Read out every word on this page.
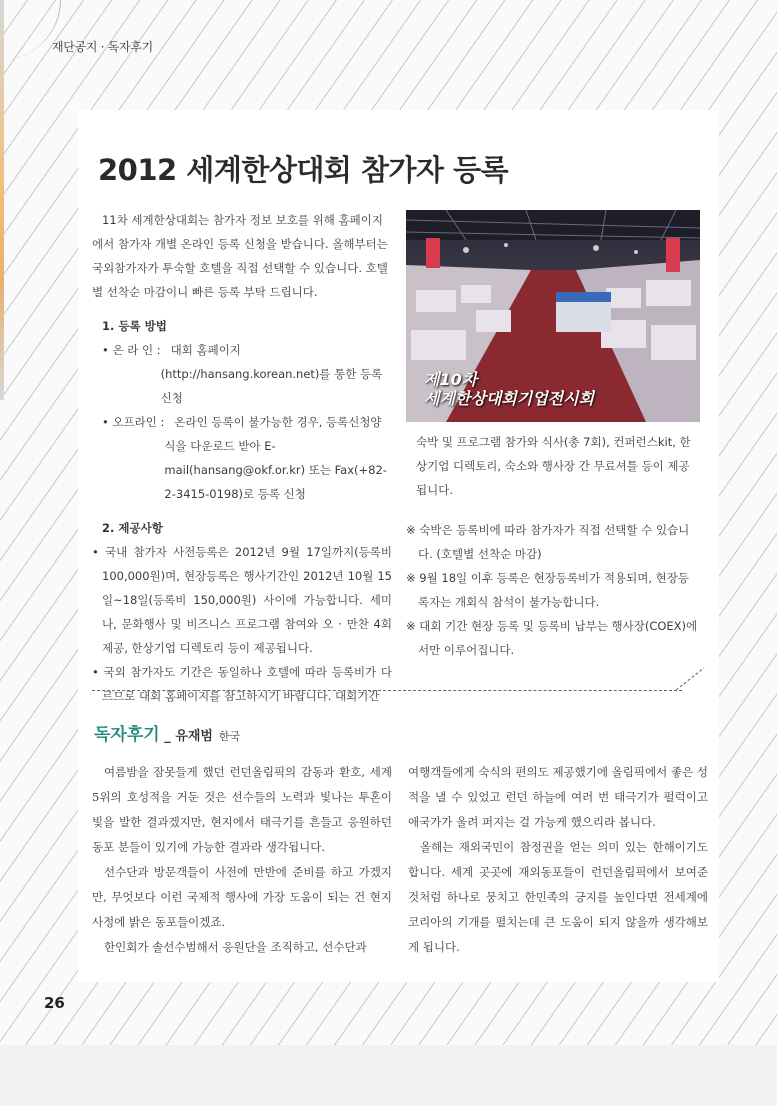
재단공지 · 독자후기
26
2012 세계한상대회 참가자 등록

11차 세계한상대회는 참가자 정보 보호를 위해 홈페이지에서 참가자 개별 온라인 등록 신청을 받습니다. 올해부터는 국외참가자가 투숙할 호텔을 직접 선택할 수 있습니다. 호텔별 선착순 마감이니 빠른 등록 부탁 드립니다.

1. 등록 방법

• 온 라 인 : 대회 홈페이지(http://hansang.korean.net)를 통한 등록 신청
• 오프라인 : 온라인 등록이 불가능한 경우, 등록신청양식을 다운로드 받아 E-mail(hansang@okf.or.kr) 또는 Fax(+82-2-3415-0198)로 등록 신청

2. 제공사항

• 국내 참가자 사전등록은 2012년 9월 17일까지(등록비 100,000원)며, 현장등록은 행사기간인 2012년 10월 15일~18일(등록비 150,000원) 사이에 가능합니다. 세미나, 문화행사 및 비즈니스 프로그램 참여와 오 · 만찬 4회 제공, 한상기업 디렉토리 등이 제공됩니다.

• 국외 참가자도 기간은 동일하나 호텔에 따라 등록비가 다르므로 대회 홈페이지를 참고하시기 바랍니다. 대회기간

제10차
세계한상대회기업전시회

숙박 및 프로그램 참가와 식사(총 7회), 컨퍼런스kit, 한상기업 디렉토리, 숙소와 행사장 간 무료셔틀 등이 제공됩니다.

※ 숙박은 등록비에 따라 참가자가 직접 선택할 수 있습니다. (호텔별 선착순 마감)

※ 9월 18일 이후 등록은 현장등록비가 적용되며, 현장등록자는 개회식 참석이 불가능합니다.

※ 대회 기간 현장 등록 및 등록비 납부는 행사장(COEX)에서만 이루어집니다.

독자후기 _ 유재범 한국

여름밤을 잠못들게 했던 런던올림픽의 감동과 환호, 세계 5위의 호성적을 거둔 것은 선수들의 노력과 빛나는 투혼이 빛을 발한 결과겠지만, 현지에서 태극기를 흔들고 응원하던 동포 분들이 있기에 가능한 결과라 생각됩니다.

선수단과 방문객들이 사전에 만반에 준비를 하고 가겠지만, 무엇보다 이런 국제적 행사에 가장 도움이 되는 건 현지 사정에 밝은 동포들이겠죠.

한인회가 솔선수범해서 응원단을 조직하고, 선수단과

여행객들에게 숙식의 편의도 제공했기에 올림픽에서 좋은 성적을 낼 수 있었고 런던 하늘에 여러 번 태극기가 펄럭이고 애국가가 울려 퍼지는 걸 가능케 했으리라 봅니다.

올해는 재외국민이 참정권을 얻는 의미 있는 한해이기도 합니다. 세계 곳곳에 재외동포들이 런던올림픽에서 보여준 것처럼 하나로 뭉치고 한민족의 긍지를 높인다면 전세계에 코리아의 기개를 펼치는데 큰 도움이 되지 않을까 생각해보게 됩니다.
